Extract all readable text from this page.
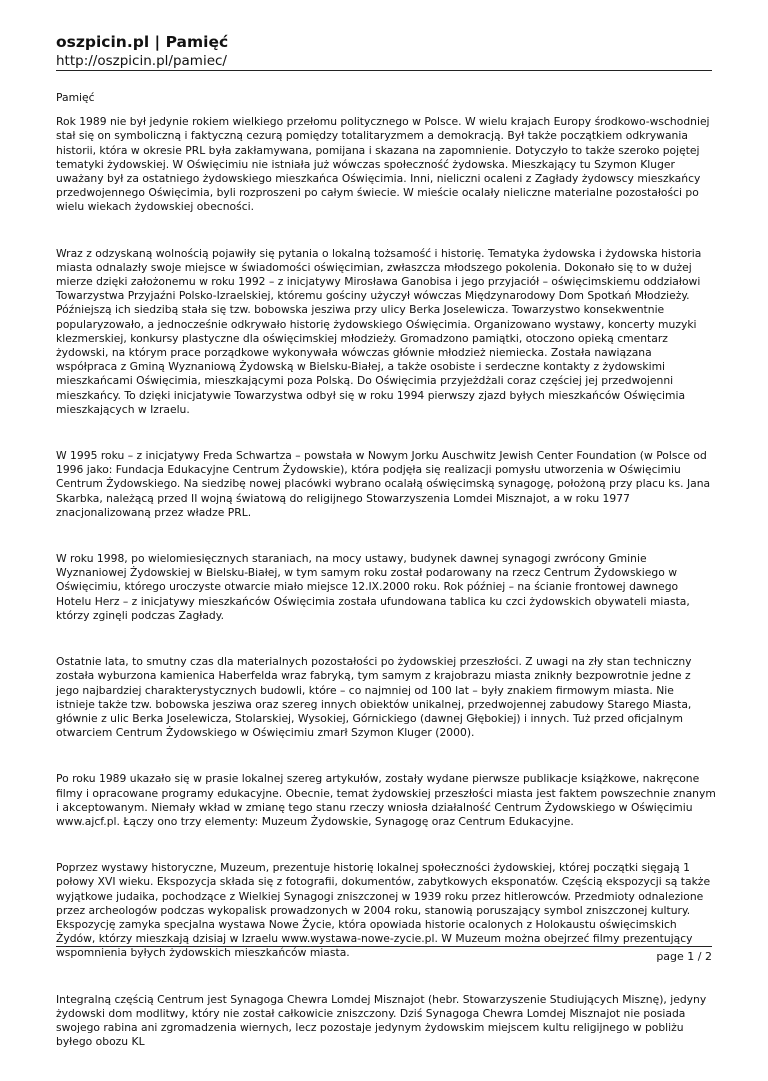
oszpicin.pl | Pamięć
http://oszpicin.pl/pamiec/

Pamięć

Rok 1989 nie był jedynie rokiem wielkiego przełomu politycznego w Polsce. W wielu krajach Europy środkowo-wschodniej stał się on symboliczną i faktyczną cezurą pomiędzy totalitaryzmem a demokracją. Był także początkiem odkrywania historii, która w okresie PRL była zakłamywana, pomijana i skazana na zapomnienie. Dotyczyło to także szeroko pojętej tematyki żydowskiej. W Oświęcimiu nie istniała już wówczas społeczność żydowska. Mieszkający tu Szymon Kluger uważany był za ostatniego żydowskiego mieszkańca Oświęcimia. Inni, nieliczni ocaleni z Zagłady żydowscy mieszkańcy przedwojennego Oświęcimia, byli rozproszeni po całym świecie. W mieście ocalały nieliczne materialne pozostałości po wielu wiekach żydowskiej obecności.

Wraz z odzyskaną wolnością pojawiły się pytania o lokalną tożsamość i historię. Tematyka żydowska i żydowska historia miasta odnalazły swoje miejsce w świadomości oświęcimian, zwłaszcza młodszego pokolenia. Dokonało się to w dużej mierze dzięki założonemu w roku 1992 – z inicjatywy Mirosława Ganobisa i jego przyjaciół – oświęcimskiemu oddziałowi Towarzystwa Przyjaźni Polsko-Izraelskiej, któremu gościny użyczył wówczas Międzynarodowy Dom Spotkań Młodzieży. Późniejszą ich siedzibą stała się tzw. bobowska jesziwa przy ulicy Berka Joselewicza. Towarzystwo konsekwentnie popularyzowało, a jednocześnie odkrywało historię żydowskiego Oświęcimia. Organizowano wystawy, koncerty muzyki klezmerskiej, konkursy plastyczne dla oświęcimskiej młodzieży. Gromadzono pamiątki, otoczono opieką cmentarz żydowski, na którym prace porządkowe wykonywała wówczas głównie młodzież niemiecka. Została nawiązana współpraca z Gminą Wyznaniową Żydowską w Bielsku-Białej, a także osobiste i serdeczne kontakty z żydowskimi mieszkańcami Oświęcimia, mieszkającymi poza Polską. Do Oświęcimia przyjeżdżali coraz częściej jej przedwojenni mieszkańcy. To dzięki inicjatywie Towarzystwa odbył się w roku 1994 pierwszy zjazd byłych mieszkańców Oświęcimia mieszkających w Izraelu.

W 1995 roku – z inicjatywy Freda Schwartza – powstała w Nowym Jorku Auschwitz Jewish Center Foundation (w Polsce od 1996 jako: Fundacja Edukacyjne Centrum Żydowskie), która podjęła się realizacji pomysłu utworzenia w Oświęcimiu Centrum Żydowskiego. Na siedzibę nowej placówki wybrano ocalałą oświęcimską synagogę, położoną przy placu ks. Jana Skarbka, należącą przed II wojną światową do religijnego Stowarzyszenia Lomdei Misznajot, a w roku 1977 znacjonalizowaną przez władze PRL.

W roku 1998, po wielomiesięcznych staraniach, na mocy ustawy, budynek dawnej synagogi zwrócony Gminie Wyznaniowej Żydowskiej w Bielsku-Białej, w tym samym roku został podarowany na rzecz Centrum Żydowskiego w Oświęcimiu, którego uroczyste otwarcie miało miejsce 12.IX.2000 roku. Rok później – na ścianie frontowej dawnego Hotelu Herz – z inicjatywy mieszkańców Oświęcimia została ufundowana tablica ku czci żydowskich obywateli miasta, którzy zginęli podczas Zagłady.

Ostatnie lata, to smutny czas dla materialnych pozostałości po żydowskiej przeszłości. Z uwagi na zły stan techniczny została wyburzona kamienica Haberfelda wraz fabryką, tym samym z krajobrazu miasta zniknły bezpowrotnie jedne z jego najbardziej charakterystycznych budowli, które – co najmniej od 100 lat – były znakiem firmowym miasta. Nie istnieje także tzw. bobowska jesziwa oraz szereg innych obiektów unikalnej, przedwojennej zabudowy Starego Miasta, głównie z ulic Berka Joselewicza, Stolarskiej, Wysokiej, Górnickiego (dawnej Głębokiej) i innych. Tuż przed oficjalnym otwarciem Centrum Żydowskiego w Oświęcimiu zmarł Szymon Kluger (2000).

Po roku 1989 ukazało się w prasie lokalnej szereg artykułów, zostały wydane pierwsze publikacje książkowe, nakręcone filmy i opracowane programy edukacyjne. Obecnie, temat żydowskiej przeszłości miasta jest faktem powszechnie znanym i akceptowanym. Niemały wkład w zmianę tego stanu rzeczy wniosła działalność Centrum Żydowskiego w Oświęcimiu www.ajcf.pl. Łączy ono trzy elementy: Muzeum Żydowskie, Synagogę oraz Centrum Edukacyjne.

Poprzez wystawy historyczne, Muzeum, prezentuje historię lokalnej społeczności żydowskiej, której początki sięgają 1 połowy XVI wieku. Ekspozycja składa się z fotografii, dokumentów, zabytkowych eksponatów. Częścią ekspozycji są także wyjątkowe judaika, pochodzące z Wielkiej Synagogi zniszczonej w 1939 roku przez hitlerowców. Przedmioty odnalezione przez archeologów podczas wykopalisk prowadzonych w 2004 roku, stanowią poruszający symbol zniszczonej kultury. Ekspozycję zamyka specjalna wystawa Nowe Życie, która opowiada historie ocalonych z Holokaustu oświęcimskich Żydów, którzy mieszkają dzisiaj w Izraelu www.wystawa-nowe-zycie.pl. W Muzeum można obejrzeć filmy prezentujący wspomnienia byłych żydowskich mieszkańców miasta.

Integralną częścią Centrum jest Synagoga Chewra Lomdej Misznajot (hebr. Stowarzyszenie Studiujących Misznę), jedyny żydowski dom modlitwy, który nie został całkowicie zniszczony. Dziś Synagoga Chewra Lomdej Misznajot nie posiada swojego rabina ani zgromadzenia wiernych, lecz pozostaje jedynym żydowskim miejscem kultu religijnego w pobliżu byłego obozu KL

page 1 / 2
